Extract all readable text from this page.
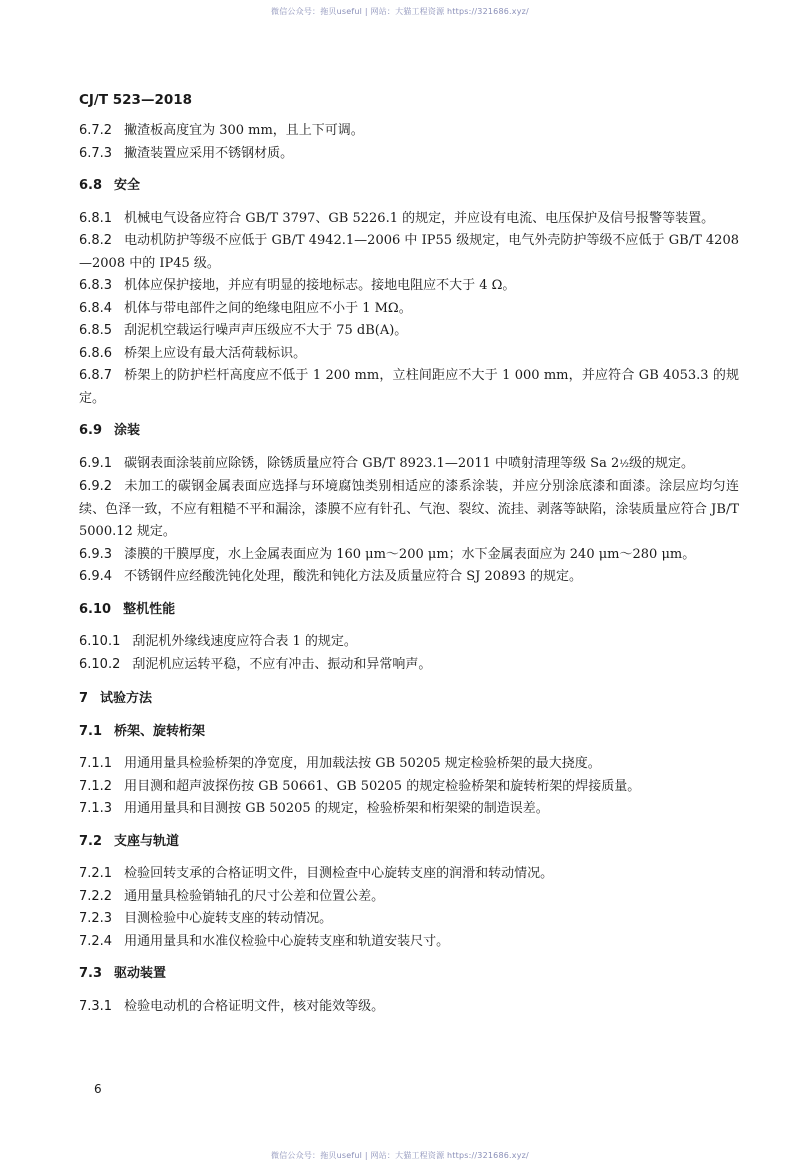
微信公众号：拖贝useful | 网站：大猫工程资源 https://321686.xyz/
CJ/T 523—2018

6.7.2 撇渣板高度宜为 300 mm，且上下可调。

6.7.3 撇渣装置应采用不锈钢材质。

6.8 安全

6.8.1 机械电气设备应符合 GB/T 3797、GB 5226.1 的规定，并应设有电流、电压保护及信号报警等装置。

6.8.2 电动机防护等级不应低于 GB/T 4942.1—2006 中 IP55 级规定，电气外壳防护等级不应低于 GB/T 4208—2008 中的 IP45 级。

6.8.3 机体应保护接地，并应有明显的接地标志。接地电阻应不大于 4 Ω。

6.8.4 机体与带电部件之间的绝缘电阻应不小于 1 MΩ。

6.8.5 刮泥机空载运行噪声声压级应不大于 75 dB(A)。

6.8.6 桥架上应设有最大活荷载标识。

6.8.7 桥架上的防护栏杆高度应不低于 1 200 mm，立柱间距应不大于 1 000 mm，并应符合 GB 4053.3 的规定。

6.9 涂装

6.9.1 碳钢表面涂装前应除锈，除锈质量应符合 GB/T 8923.1—2011 中喷射清理等级 Sa 2½级的规定。

6.9.2 未加工的碳钢金属表面应选择与环境腐蚀类别相适应的漆系涂装，并应分别涂底漆和面漆。涂层应均匀连续、色泽一致，不应有粗糙不平和漏涂，漆膜不应有针孔、气泡、裂纹、流挂、剥落等缺陷，涂装质量应符合 JB/T 5000.12 规定。

6.9.3 漆膜的干膜厚度，水上金属表面应为 160 μm～200 μm；水下金属表面应为 240 μm～280 μm。

6.9.4 不锈钢件应经酸洗钝化处理，酸洗和钝化方法及质量应符合 SJ 20893 的规定。

6.10 整机性能

6.10.1 刮泥机外缘线速度应符合表 1 的规定。

6.10.2 刮泥机应运转平稳，不应有冲击、振动和异常响声。

7 试验方法

7.1 桥架、旋转桁架

7.1.1 用通用量具检验桥架的净宽度，用加载法按 GB 50205 规定检验桥架的最大挠度。

7.1.2 用目测和超声波探伤按 GB 50661、GB 50205 的规定检验桥架和旋转桁架的焊接质量。

7.1.3 用通用量具和目测按 GB 50205 的规定，检验桥架和桁架梁的制造误差。

7.2 支座与轨道

7.2.1 检验回转支承的合格证明文件，目测检查中心旋转支座的润滑和转动情况。

7.2.2 通用量具检验销轴孔的尺寸公差和位置公差。

7.2.3 目测检验中心旋转支座的转动情况。

7.2.4 用通用量具和水准仪检验中心旋转支座和轨道安装尺寸。

7.3 驱动装置

7.3.1 检验电动机的合格证明文件，核对能效等级。

6
微信公众号：拖贝useful | 网站：大猫工程资源 https://321686.xyz/
